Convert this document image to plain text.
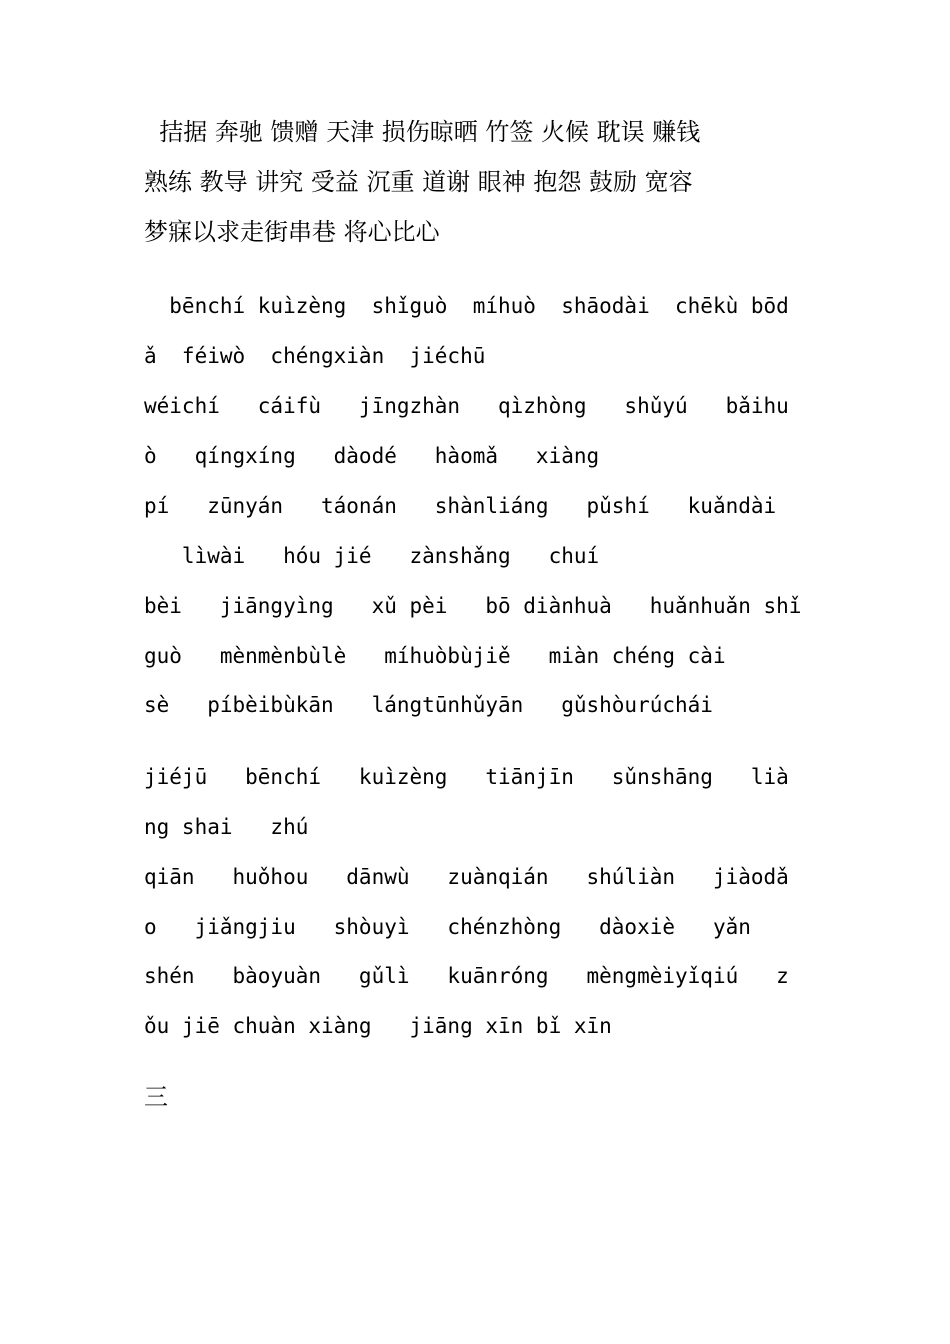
拮据 奔驰 馈赠 天津 损伤晾晒 竹签 火候 耽误 赚钱
熟练 教导 讲究 受益 沉重 道谢 眼神 抱怨 鼓励 宽容
梦寐以求走街串巷 将心比心
bēnchí kuìzèng  shǐguò  míhuò  shāodài  chēkù bōd
ǎ  féiwò  chéngxiàn  jiéchū
wéichí   cáifù   jīngzhàn   qìzhòng   shǔyú   bǎihu
ò   qíngxíng   dàodé   hàomǎ   xiàng
pí   zūnyán   táonán   shànliáng   pǔshí   kuǎndài
lìwài   hóu jié   zànshǎng   chuí
bèi   jiāngyìng   xǔ pèi   bō diànhuà   huǎnhuǎn shǐ
guò   mènmènbùlè   míhuòbùjiě   miàn chéng cài
sè   píbèibùkān   lángtūnhǔyān   gǔshòurúchái
jiéjū   bēnchí   kuìzèng   tiānjīn   sǔnshāng   lià
ng shai   zhú
qiān   huǒhou   dānwù   zuànqián   shúliàn   jiàodǎ
o   jiǎngjiu   shòuyì   chénzhòng   dàoxiè   yǎn
shén   bàoyuàn   gǔlì   kuānróng   mèngmèiyǐqiú   z
ǒu jiē chuàn xiàng   jiāng xīn bǐ xīn
三
